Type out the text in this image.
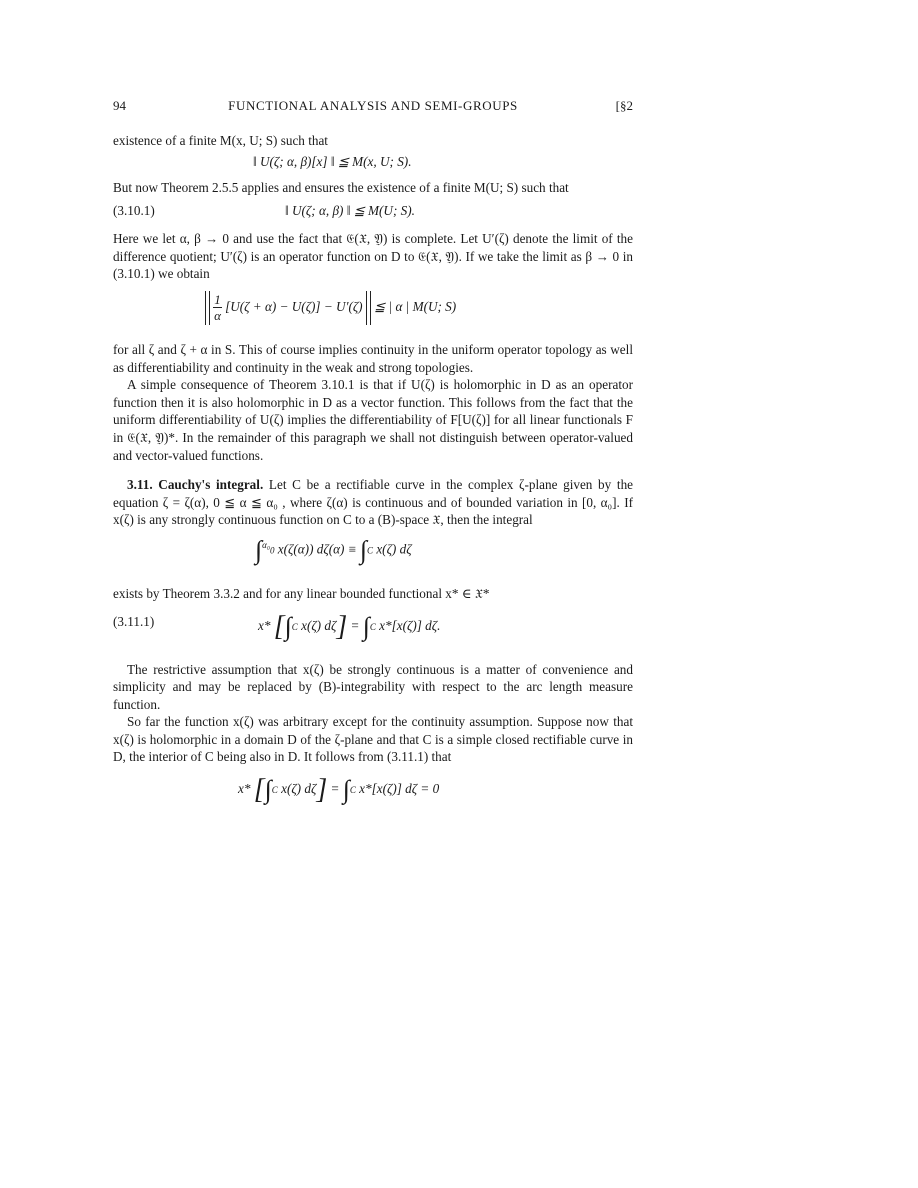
94	FUNCTIONAL ANALYSIS AND SEMI-GROUPS	[ §2

existence of a finite M(x, U; S) such that

‖ U(ζ; α, β)[x] ‖ ≦ M(x, U; S).

But now Theorem 2.5.5 applies and ensures the existence of a finite M(U; S) such that

(3.10.1)	‖ U(ζ; α, β) ‖ ≦ M(U; S).

Here we let α, β → 0 and use the fact that 𝔈(𝔛, 𝔜) is complete. Let U′(ζ) denote the limit of the difference quotient; U′(ζ) is an operator function on D to 𝔈(𝔛, 𝔜). If we take the limit as β → 0 in (3.10.1) we obtain

$\frac{1}{\alpha} [U(\zeta + \alpha) - U(\zeta)] - U'(\zeta)$ ≦ | α | M(U; S)

for all ζ and ζ + α in S. This of course implies continuity in the uniform operator topology as well as differentiability and continuity in the weak and strong topologies.

A simple consequence of Theorem 3.10.1 is that if U(ζ) is holomorphic in D as an operator function then it is also holomorphic in D as a vector function. This follows from the fact that the uniform differentiability of U(ζ) implies the differentiability of F[U(ζ)] for all linear functionals F in 𝔈(𝔛, 𝔜)*. In the remainder of this paragraph we shall not distinguish between operator-valued and vector-valued functions.

3.11. Cauchy's integral. Let C be a rectifiable curve in the complex ζ-plane given by the equation ζ = ζ(α), 0 ≦ α ≦ α₀ , where ζ(α) is continuous and of bounded variation in [0, α₀]. If x(ζ) is any strongly continuous function on C to a (B)-space 𝔛, then the integral

∫$^{\alpha_0}$0 x(ζ(α)) dζ(α) ≡ ∫C x(ζ) dζ

exists by Theorem 3.3.2 and for any linear bounded functional x* ∈ 𝔛*

(3.11.1)	x* [∫C x(ζ) dζ] = ∫C x*[x(ζ)] dζ.

The restrictive assumption that x(ζ) be strongly continuous is a matter of convenience and simplicity and may be replaced by (B)-integrability with respect to the arc length measure function.

So far the function x(ζ) was arbitrary except for the continuity assumption. Suppose now that x(ζ) is holomorphic in a domain D of the ζ-plane and that C is a simple closed rectifiable curve in D, the interior of C being also in D. It follows from (3.11.1) that

x* [∫C x(ζ) dζ] = ∫C x*[x(ζ)] dζ = 0
